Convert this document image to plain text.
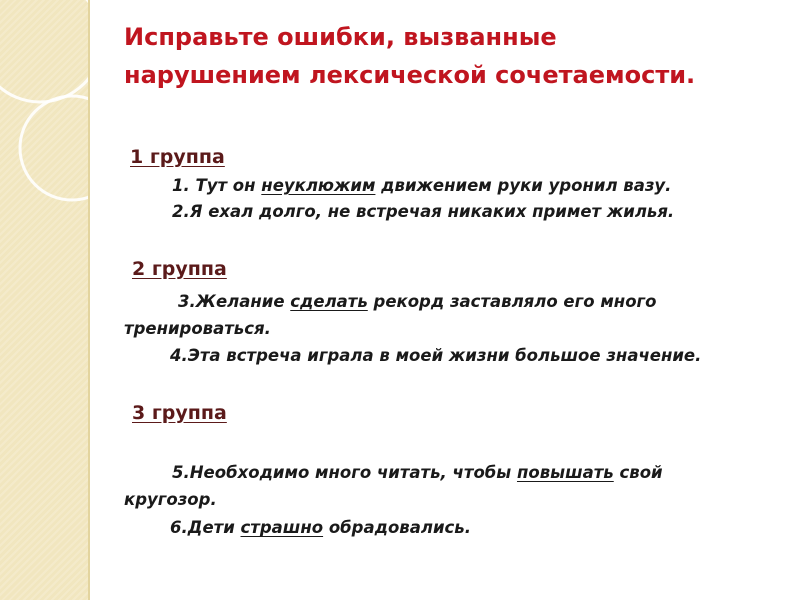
Исправьте ошибки, вызванные
нарушением лексической сочетаемости.
1 группа
1. Тут он неуклюжим движением руки уронил вазу.
2.Я ехал долго, не встречая никаких примет жилья.
2 группа
3.Желание сделать рекорд заставляло его много
тренироваться.
4.Эта встреча играла в моей жизни большое значение.
3 группа
5.Необходимо много читать, чтобы повышать свой
кругозор.
6.Дети страшно обрадовались.
